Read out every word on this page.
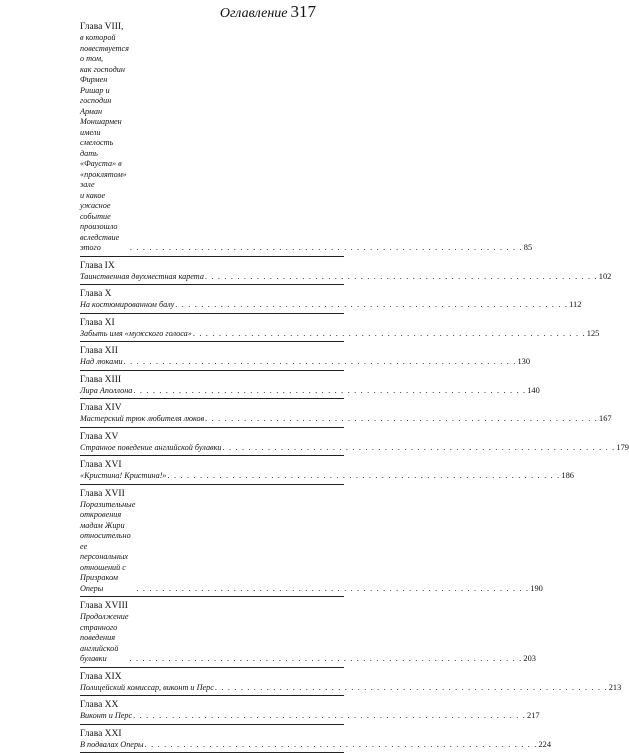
Оглавление 317
Глава VIII,
в которой повествуется о том,
как господин Фирмен Ришар и господин Арман Моншармен имели
смелость дать «Фауста» в «проклятом» зале
и какое ужасное событие произошло вследствие этого	. . . . . . . . . . . . . . . . . . . . . . . . . . . . . . . . . . . . . . . . . . . . . . . . . . . . . . . . . . . . . 85
Глава IX
Таинственная двухместная карета . . . . . . . . . . . . . . . . . . . . . . . . . . . . . . . . . . . . . . . . . . . . . . . . . . . . . . . . . . . . . 102
Глава X
На костюмированном балу . . . . . . . . . . . . . . . . . . . . . . . . . . . . . . . . . . . . . . . . . . . . . . . . . . . . . . . . . . . . . 112
Глава XI
Забыть имя «мужского голоса» . . . . . . . . . . . . . . . . . . . . . . . . . . . . . . . . . . . . . . . . . . . . . . . . . . . . . . . . . . . . . 125
Глава XII
Над люками . . . . . . . . . . . . . . . . . . . . . . . . . . . . . . . . . . . . . . . . . . . . . . . . . . . . . . . . . . . . . 130
Глава XIII
Лира Аполлона . . . . . . . . . . . . . . . . . . . . . . . . . . . . . . . . . . . . . . . . . . . . . . . . . . . . . . . . . . . . . 140
Глава XIV
Мастерский трюк любителя люков . . . . . . . . . . . . . . . . . . . . . . . . . . . . . . . . . . . . . . . . . . . . . . . . . . . . . . . . . . . . . 167
Глава XV
Странное поведение английской булавки . . . . . . . . . . . . . . . . . . . . . . . . . . . . . . . . . . . . . . . . . . . . . . . . . . . . . . . . . . . . . 179
Глава XVI
«Кристина! Кристина!» . . . . . . . . . . . . . . . . . . . . . . . . . . . . . . . . . . . . . . . . . . . . . . . . . . . . . . . . . . . . . 186
Глава XVII
Поразительные откровения мадам Жири относительно
ее персональных отношений с Призраком Оперы	. . . . . . . . . . . . . . . . . . . . . . . . . . . . . . . . . . . . . . . . . . . . . . . . . . . . . . . . . . . . . 190
Глава XVIII
Продолжение странного поведения
английской булавки	. . . . . . . . . . . . . . . . . . . . . . . . . . . . . . . . . . . . . . . . . . . . . . . . . . . . . . . . . . . . . 203
Глава XIX
Полицейский комиссар, виконт и Перс . . . . . . . . . . . . . . . . . . . . . . . . . . . . . . . . . . . . . . . . . . . . . . . . . . . . . . . . . . . . . 213
Глава XX
Виконт и Перс . . . . . . . . . . . . . . . . . . . . . . . . . . . . . . . . . . . . . . . . . . . . . . . . . . . . . . . . . . . . . 217
Глава XXI
В подвалах Оперы . . . . . . . . . . . . . . . . . . . . . . . . . . . . . . . . . . . . . . . . . . . . . . . . . . . . . . . . . . . . . 224
